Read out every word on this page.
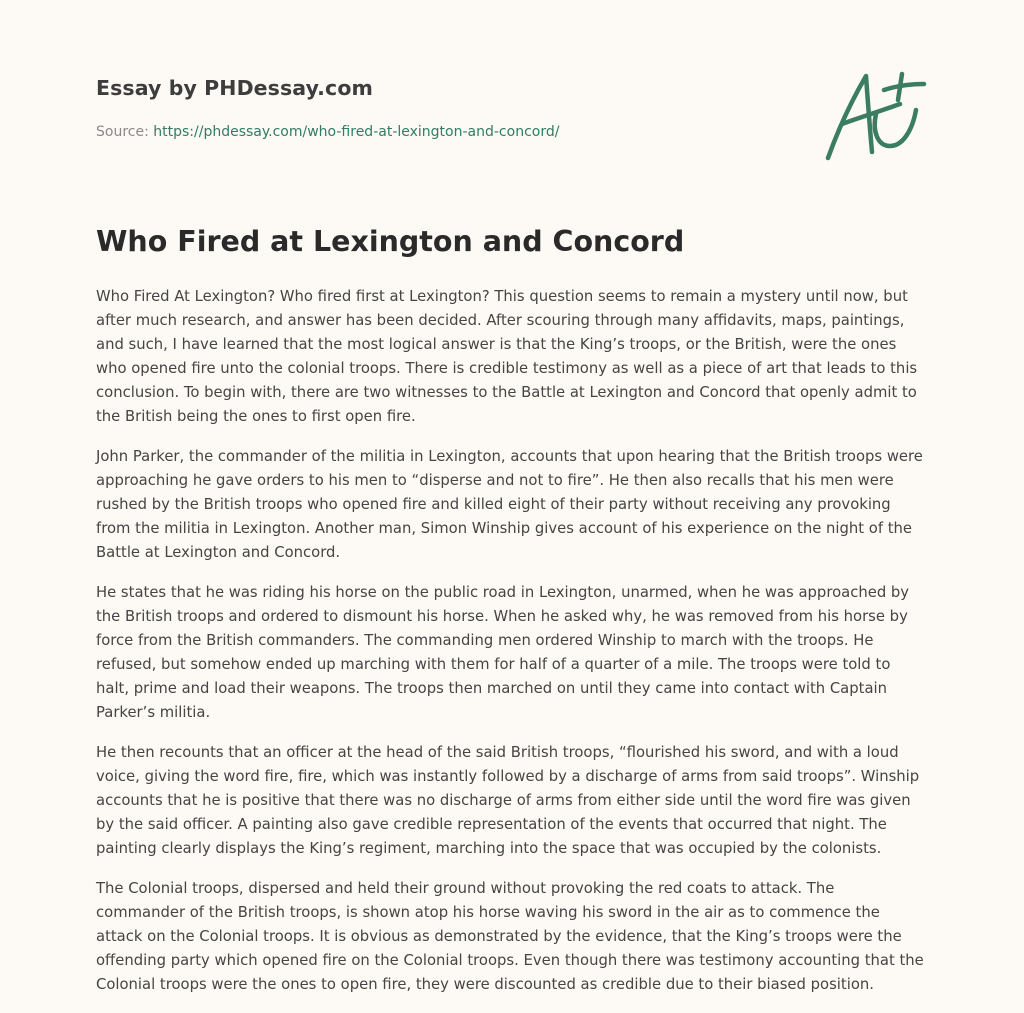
Essay by PHDessay.com
Source: https://phdessay.com/who-fired-at-lexington-and-concord/
Who Fired at Lexington and Concord

Who Fired At Lexington? Who fired first at Lexington? This question seems to remain a mystery until now, but after much research, and answer has been decided. After scouring through many affidavits, maps, paintings, and such, I have learned that the most logical answer is that the King’s troops, or the British, were the ones who opened fire unto the colonial troops. There is credible testimony as well as a piece of art that leads to this conclusion. To begin with, there are two witnesses to the Battle at Lexington and Concord that openly admit to the British being the ones to first open fire.

John Parker, the commander of the militia in Lexington, accounts that upon hearing that the British troops were approaching he gave orders to his men to “disperse and not to fire”. He then also recalls that his men were rushed by the British troops who opened fire and killed eight of their party without receiving any provoking from the militia in Lexington. Another man, Simon Winship gives account of his experience on the night of the Battle at Lexington and Concord.

He states that he was riding his horse on the public road in Lexington, unarmed, when he was approached by the British troops and ordered to dismount his horse. When he asked why, he was removed from his horse by force from the British commanders. The commanding men ordered Winship to march with the troops. He refused, but somehow ended up marching with them for half of a quarter of a mile. The troops were told to halt, prime and load their weapons. The troops then marched on until they came into contact with Captain Parker’s militia.

He then recounts that an officer at the head of the said British troops, “flourished his sword, and with a loud voice, giving the word fire, fire, which was instantly followed by a discharge of arms from said troops”. Winship accounts that he is positive that there was no discharge of arms from either side until the word fire was given by the said officer. A painting also gave credible representation of the events that occurred that night. The painting clearly displays the King’s regiment, marching into the space that was occupied by the colonists.

The Colonial troops, dispersed and held their ground without provoking the red coats to attack. The commander of the British troops, is shown atop his horse waving his sword in the air as to commence the attack on the Colonial troops. It is obvious as demonstrated by the evidence, that the King’s troops were the offending party which opened fire on the Colonial troops. Even though there was testimony accounting that the Colonial troops were the ones to open fire, they were discounted as credible due to their biased position.
